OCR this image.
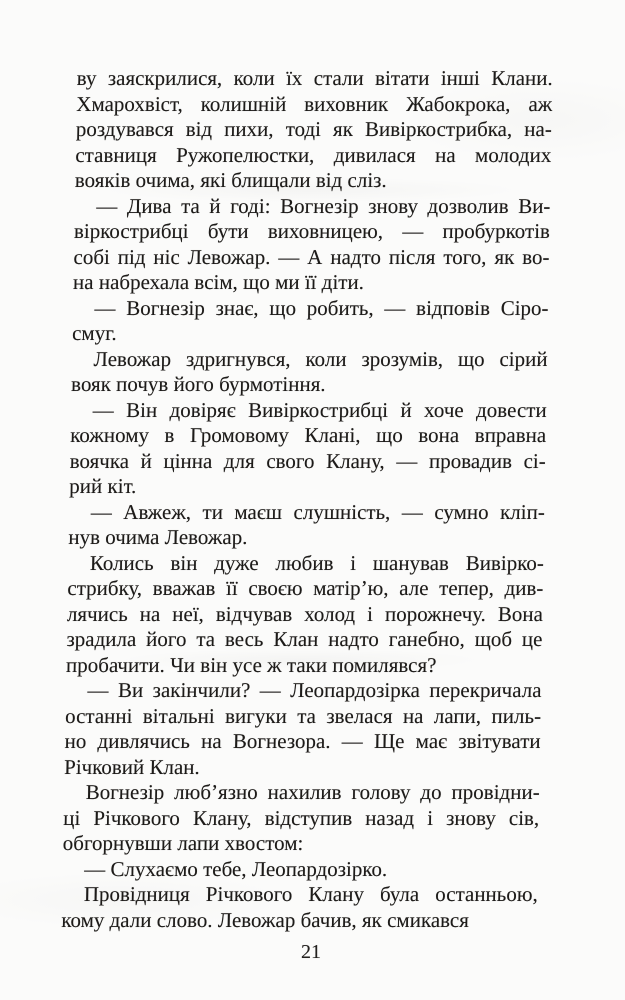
ву заяскрилися, коли їх стали вітати інші Клани.
Хмарохвіст, колишній виховник Жабокрока, аж
роздувався від пихи, тоді як Вивіркострибка, на-
ставниця Ружопелюстки, дивилася на молодих
вояків очима, які блищали від сліз.
— Дива та й годі: Вогнезір знову дозволив Ви-
віркострибці бути виховницею, — пробуркотів
собі під ніс Левожар. — А надто після того, як во-
на набрехала всім, що ми її діти.
— Вогнезір знає, що робить, — відповів Сіро-
смуг.
Левожар здригнувся, коли зрозумів, що сірий
вояк почув його бурмотіння.
— Він довіряє Вивіркострибці й хоче довести
кожному в Громовому Клані, що вона вправна
воячка й цінна для свого Клану, — провадив сі-
рий кіт.
— Авжеж, ти маєш слушність, — сумно кліп-
нув очима Левожар.
Колись він дуже любив і шанував Вивірко-
стрибку, вважав її своєю матір’ю, але тепер, див-
лячись на неї, відчував холод і порожнечу. Вона
зрадила його та весь Клан надто ганебно, щоб це
пробачити. Чи він усе ж таки помилявся?
— Ви закінчили? — Леопардозірка перекричала
останні вітальні вигуки та звелася на лапи, пиль-
но дивлячись на Вогнезора. — Ще має звітувати
Річковий Клан.
Вогнезір люб’язно нахилив голову до провідни-
ці Річкового Клану, відступив назад і знову сів,
обгорнувши лапи хвостом:
— Слухаємо тебе, Леопардозірко.
Провідниця Річкового Клану була останньою,
кому дали слово. Левожар бачив, як смикався
21
